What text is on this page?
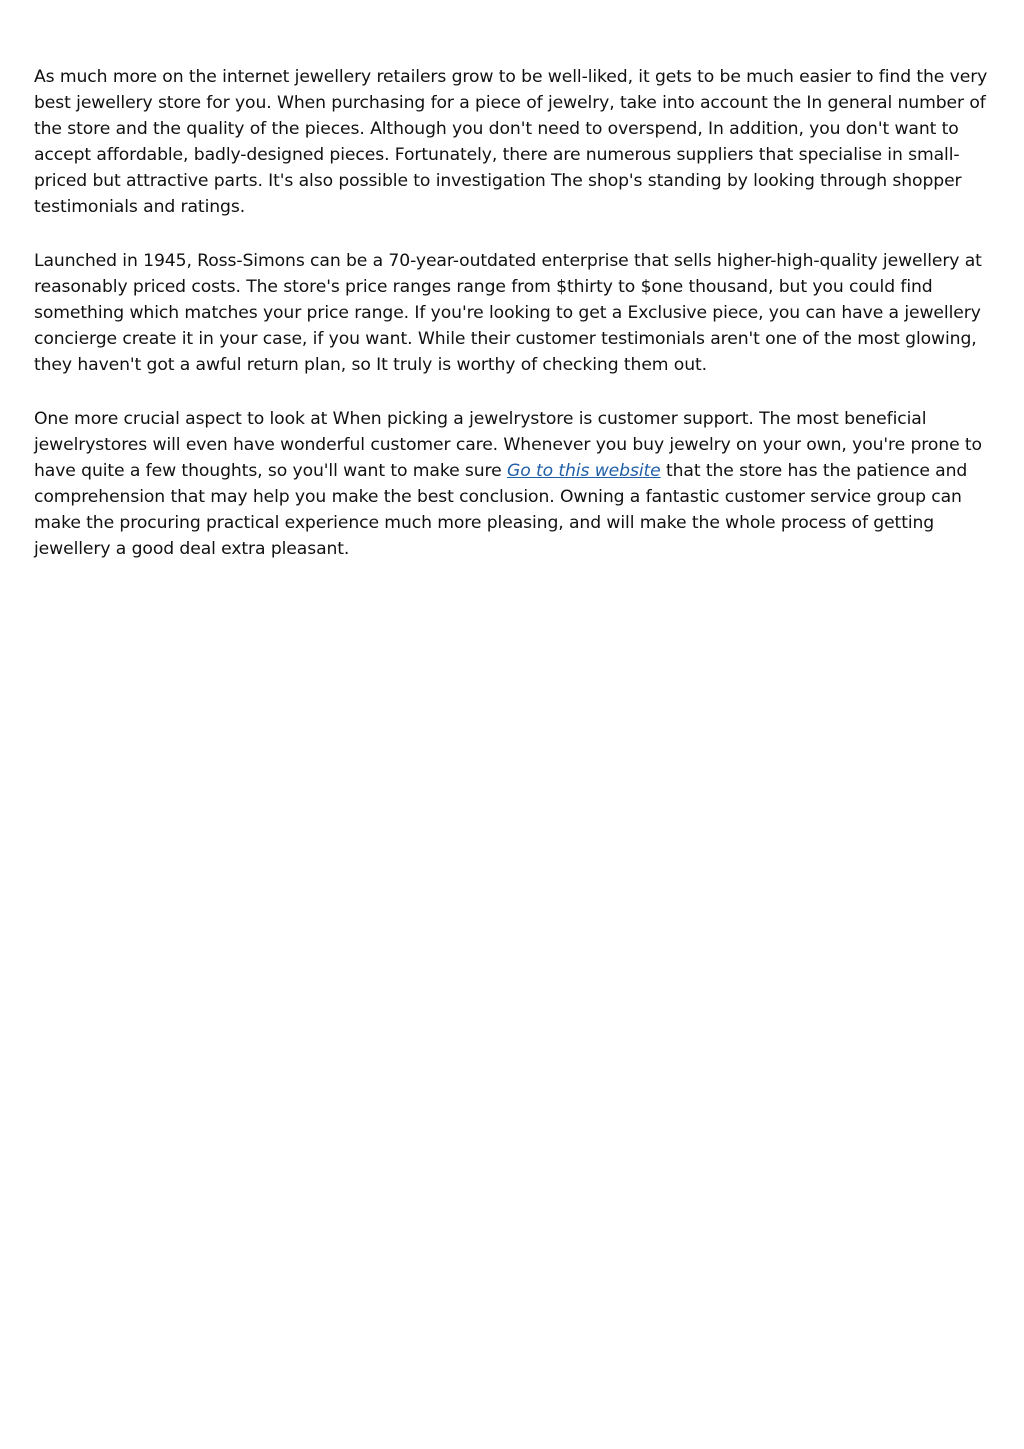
As much more on the internet jewellery retailers grow to be well-liked, it gets to be much easier to find the very best jewellery store for you. When purchasing for a piece of jewelry, take into account the In general number of the store and the quality of the pieces. Although you don't need to overspend, In addition, you don't want to accept affordable, badly-designed pieces. Fortunately, there are numerous suppliers that specialise in small-priced but attractive parts. It's also possible to investigation The shop's standing by looking through shopper testimonials and ratings.

Launched in 1945, Ross-Simons can be a 70-year-outdated enterprise that sells higher-high-quality jewellery at reasonably priced costs. The store's price ranges range from $thirty to $one thousand, but you could find something which matches your price range. If you're looking to get a Exclusive piece, you can have a jewellery concierge create it in your case, if you want. While their customer testimonials aren't one of the most glowing, they haven't got a awful return plan, so It truly is worthy of checking them out.

One more crucial aspect to look at When picking a jewelrystore is customer support. The most beneficial jewelrystores will even have wonderful customer care. Whenever you buy jewelry on your own, you're prone to have quite a few thoughts, so you'll want to make sure Go to this website that the store has the patience and comprehension that may help you make the best conclusion. Owning a fantastic customer service group can make the procuring practical experience much more pleasing, and will make the whole process of getting jewellery a good deal extra pleasant.
